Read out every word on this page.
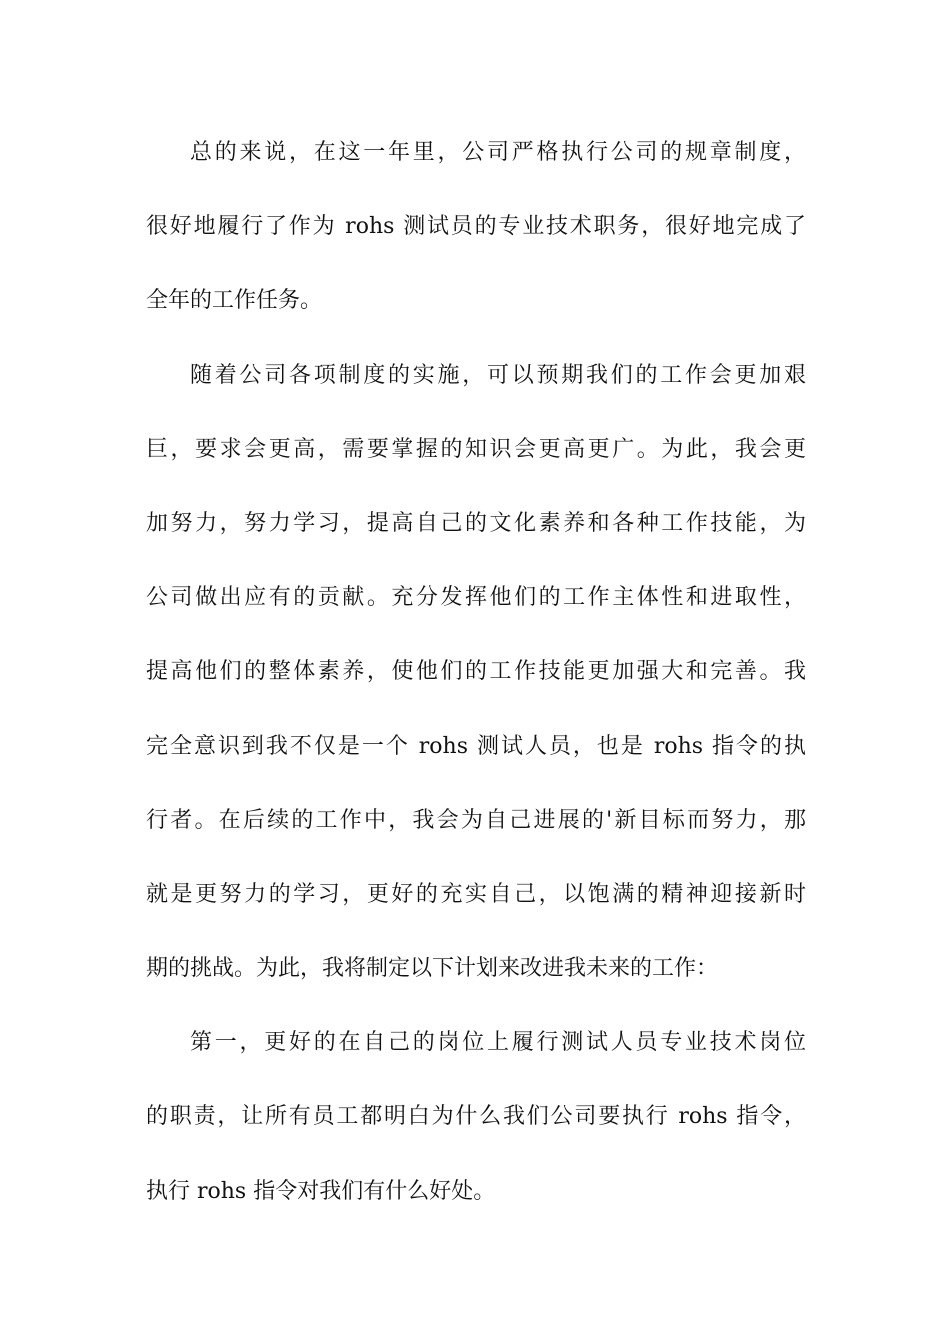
总的来说，在这一年里，公司严格执行公司的规章制度，
很好地履行了作为 rohs 测试员的专业技术职务，很好地完成了
全年的工作任务。
随着公司各项制度的实施，可以预期我们的工作会更加艰
巨，要求会更高，需要掌握的知识会更高更广。为此，我会更
加努力，努力学习，提高自己的文化素养和各种工作技能，为
公司做出应有的贡献。充分发挥他们的工作主体性和进取性，
提高他们的整体素养，使他们的工作技能更加强大和完善。我
完全意识到我不仅是一个 rohs 测试人员，也是 rohs 指令的执
行者。在后续的工作中，我会为自己进展的'新目标而努力，那
就是更努力的学习，更好的充实自己，以饱满的精神迎接新时
期的挑战。为此，我将制定以下计划来改进我未来的工作：
第一，更好的在自己的岗位上履行测试人员专业技术岗位
的职责，让所有员工都明白为什么我们公司要执行 rohs 指令，
执行 rohs 指令对我们有什么好处。
